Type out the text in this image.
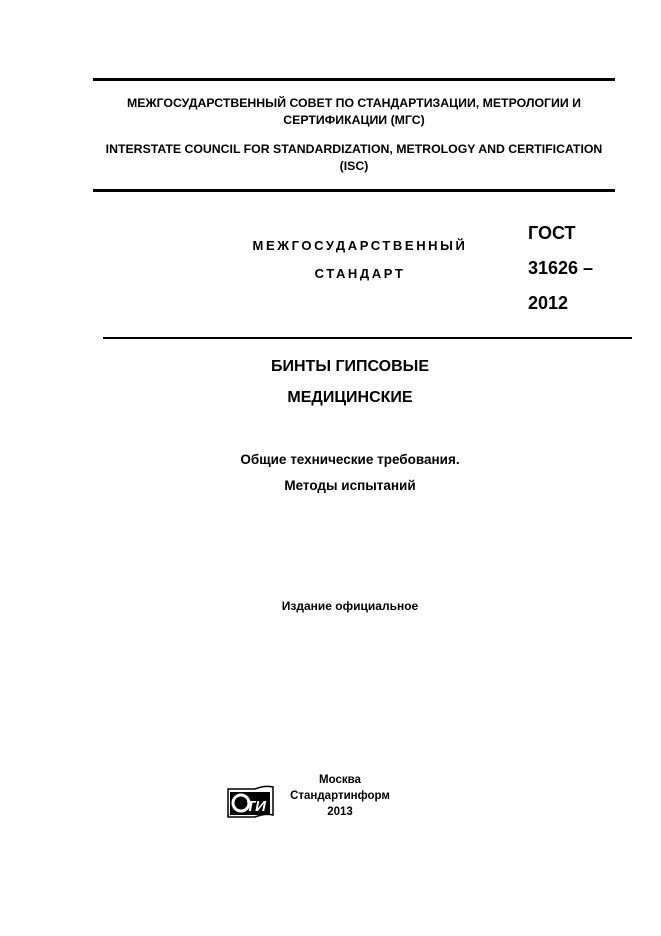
МЕЖГОСУДАРСТВЕННЫЙ СОВЕТ ПО СТАНДАРТИЗАЦИИ, МЕТРОЛОГИИ И СЕРТИФИКАЦИИ (МГС)
INTERSTATE COUNCIL FOR STANDARDIZATION, METROLOGY AND CERTIFICATION (ISC)
МЕЖГОСУДАРСТВЕННЫЙ
СТАНДАРТ
ГОСТ
31626 –
2012
БИНТЫ ГИПСОВЫЕ
МЕДИЦИНСКИЕ
Общие технические требования.
Методы испытаний
Издание официальное
ТИ
Москва
Стандартинформ
2013
